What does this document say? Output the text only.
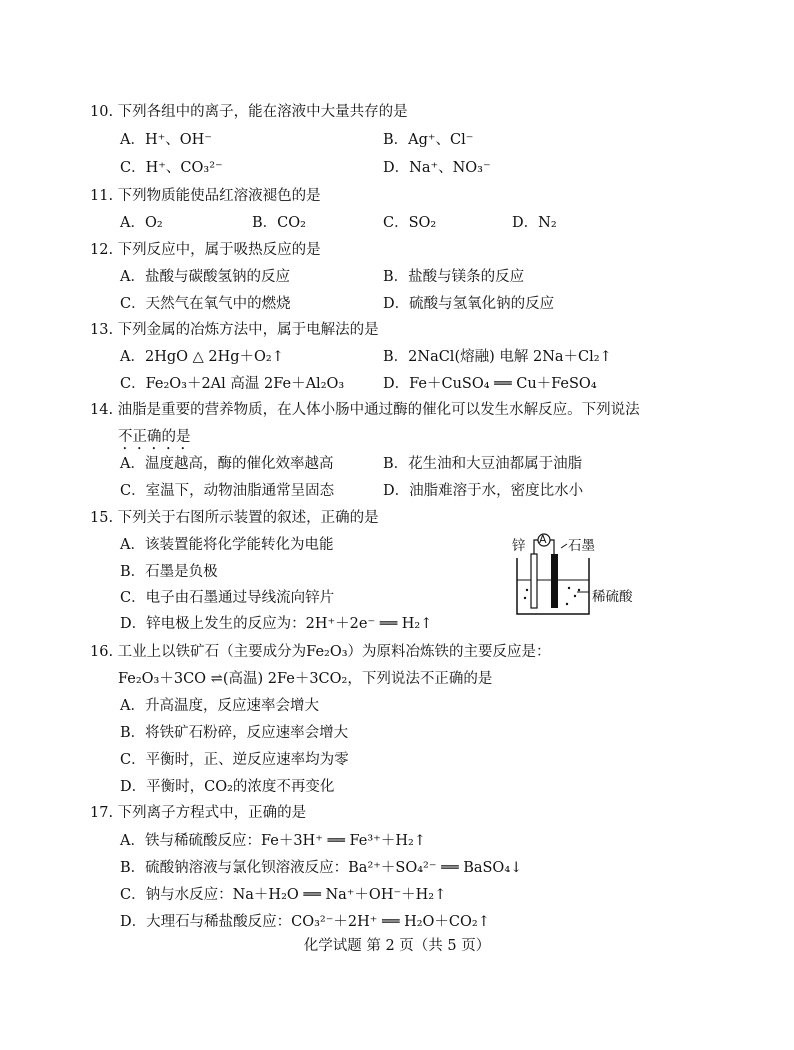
10. 下列各组中的离子，能在溶液中大量共存的是
A．H⁺、OH⁻	B．Ag⁺、Cl⁻
C．H⁺、CO₃²⁻	D．Na⁺、NO₃⁻
11. 下列物质能使品红溶液褪色的是
A．O₂	B．CO₂	C．SO₂	D．N₂
12. 下列反应中，属于吸热反应的是
A．盐酸与碳酸氢钠的反应	B．盐酸与镁条的反应
C．天然气在氧气中的燃烧	D．硫酸与氢氧化钠的反应
13. 下列金属的冶炼方法中，属于电解法的是
A．2HgO △ 2Hg＋O₂↑	B．2NaCl(熔融) 电解 2Na＋Cl₂↑
C．Fe₂O₃＋2Al 高温 2Fe＋Al₂O₃	D．Fe＋CuSO₄ ══ Cu＋FeSO₄
14. 油脂是重要的营养物质，在人体小肠中通过酶的催化可以发生水解反应。下列说法
不正确的是
A．温度越高，酶的催化效率越高	B．花生油和大豆油都属于油脂
C．室温下，动物油脂通常呈固态	D．油脂难溶于水，密度比水小
15. 下列关于右图所示装置的叙述，正确的是
A．该装置能将化学能转化为电能
B．石墨是负极
C．电子由石墨通过导线流向锌片
D．锌电极上发生的反应为：2H⁺＋2e⁻ ══ H₂↑
锌 A 石墨
稀硫酸
16. 工业上以铁矿石（主要成分为Fe₂O₃）为原料冶炼铁的主要反应是：
Fe₂O₃＋3CO ⇌(高温) 2Fe＋3CO₂，下列说法不正确的是
A．升高温度，反应速率会增大
B．将铁矿石粉碎，反应速率会增大
C．平衡时，正、逆反应速率均为零
D．平衡时，CO₂的浓度不再变化
17. 下列离子方程式中，正确的是
A．铁与稀硫酸反应：Fe＋3H⁺ ══ Fe³⁺＋H₂↑
B．硫酸钠溶液与氯化钡溶液反应：Ba²⁺＋SO₄²⁻ ══ BaSO₄↓
C．钠与水反应：Na＋H₂O ══ Na⁺＋OH⁻＋H₂↑
D．大理石与稀盐酸反应：CO₃²⁻＋2H⁺ ══ H₂O＋CO₂↑
化学试题 第 2 页（共 5 页）
